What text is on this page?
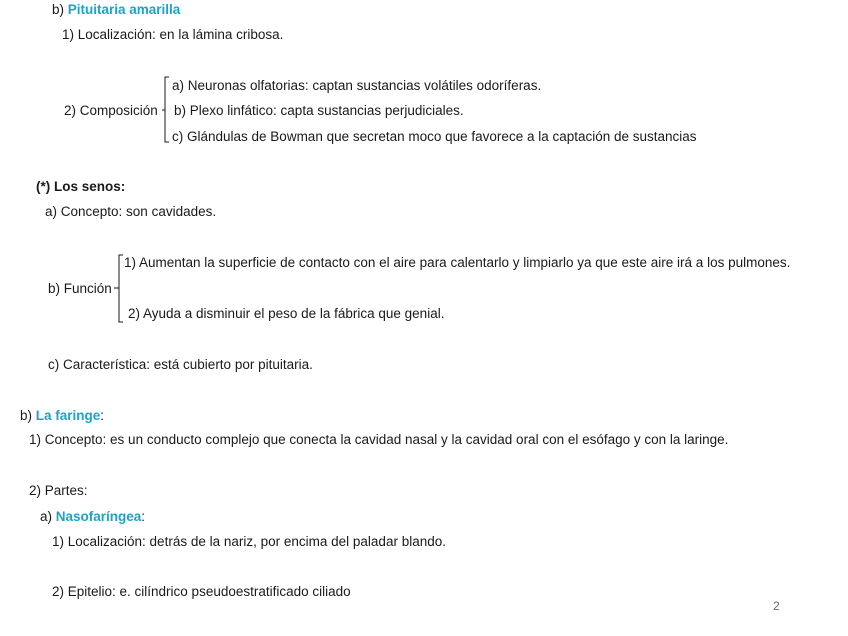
b) Pituitaria amarilla
1) Localización: en la lámina cribosa.
2) Composición
a) Neuronas olfatorias: captan sustancias volátiles odoríferas.
b) Plexo linfático: capta sustancias perjudiciales.
c) Glándulas de Bowman que secretan moco que favorece a la captación de sustancias
(*) Los senos:
a) Concepto: son cavidades.
b) Función
1) Aumentan la superficie de contacto con el aire para calentarlo y limpiarlo ya que este aire irá a los pulmones.
2) Ayuda a disminuir el peso de la fábrica que genial.
c) Característica: está cubierto por pituitaria.
b) La faringe:
1) Concepto: es un conducto complejo que conecta la cavidad nasal y la cavidad oral con el esófago y con la laringe.
2) Partes:
a) Nasofaríngea:
1) Localización: detrás de la nariz, por encima del paladar blando.
2) Epitelio: e. cilíndrico pseudoestratificado ciliado
2
